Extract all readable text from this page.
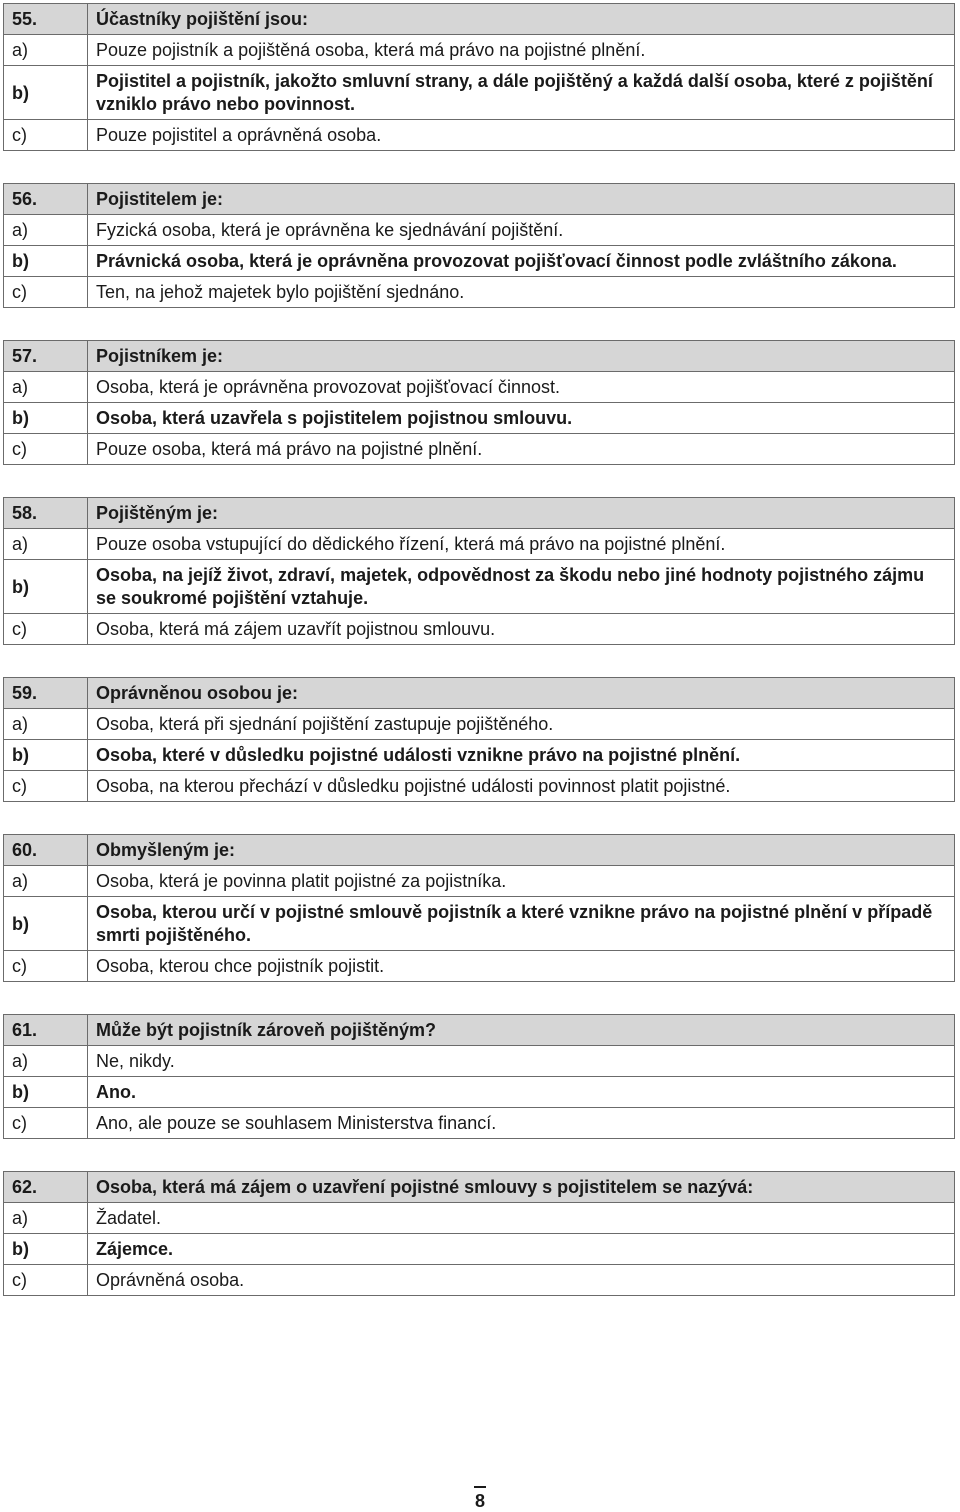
55.	Účastníky pojištění jsou:
a)	Pouze pojistník a pojištěná osoba, která má právo na pojistné plnění.
b)	Pojistitel a pojistník, jakožto smluvní strany, a dále pojištěný a každá další osoba, které z pojištění vzniklo právo nebo povinnost.
c)	Pouze pojistitel a oprávněná osoba.
56.	Pojistitelem je:
a)	Fyzická osoba, která je oprávněna ke sjednávání pojištění.
b)	Právnická osoba, která je oprávněna provozovat pojišťovací činnost podle zvláštního zákona.
c)	Ten, na jehož majetek bylo pojištění sjednáno.
57.	Pojistníkem je:
a)	Osoba, která je oprávněna provozovat pojišťovací činnost.
b)	Osoba, která uzavřela s pojistitelem pojistnou smlouvu.
c)	Pouze osoba, která má právo na pojistné plnění.
58.	Pojištěným je:
a)	Pouze osoba vstupující do dědického řízení, která má právo na pojistné plnění.
b)	Osoba, na jejíž život, zdraví, majetek, odpovědnost za škodu nebo jiné hodnoty pojistného zájmu se soukromé pojištění vztahuje.
c)	Osoba, která má zájem uzavřít pojistnou smlouvu.
59.	Oprávněnou osobou je:
a)	Osoba, která při sjednání pojištění zastupuje pojištěného.
b)	Osoba, které v důsledku pojistné události vznikne právo na pojistné plnění.
c)	Osoba, na kterou přechází v důsledku pojistné události povinnost platit pojistné.
60.	Obmyšleným je:
a)	Osoba, která je povinna platit pojistné za pojistníka.
b)	Osoba, kterou určí v pojistné smlouvě pojistník a které vznikne právo na pojistné plnění v případě smrti pojištěného.
c)	Osoba, kterou chce pojistník pojistit.
61.	Může být pojistník zároveň pojištěným?
a)	Ne, nikdy.
b)	Ano.
c)	Ano, ale pouze se souhlasem Ministerstva financí.
62.	Osoba, která má zájem o uzavření pojistné smlouvy s pojistitelem se nazývá:
a)	Žadatel.
b)	Zájemce.
c)	Oprávněná osoba.
8
